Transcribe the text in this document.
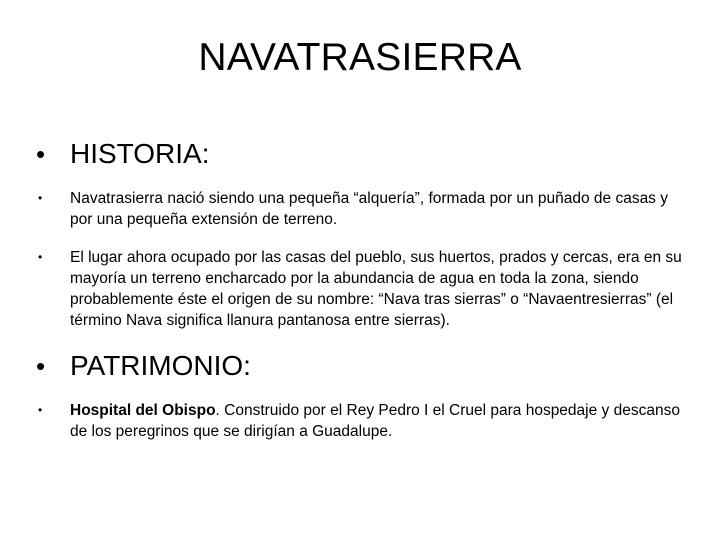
NAVATRASIERRA
• HISTORIA:
•	Navatrasierra nació siendo una pequeña “alquería”, formada por un puñado de casas y por una pequeña extensión de terreno.
•	El lugar ahora ocupado por las casas del pueblo, sus huertos, prados y cercas, era en su mayoría un terreno encharcado por la abundancia de agua en toda la zona, siendo probablemente éste el origen de su nombre: “Nava tras sierras” o “Navaentresierras” (el término Nava significa llanura pantanosa entre sierras).
• PATRIMONIO:
•	Hospital del Obispo. Construido por el Rey Pedro I el Cruel para hospedaje y descanso de los peregrinos que se dirigían a Guadalupe.
